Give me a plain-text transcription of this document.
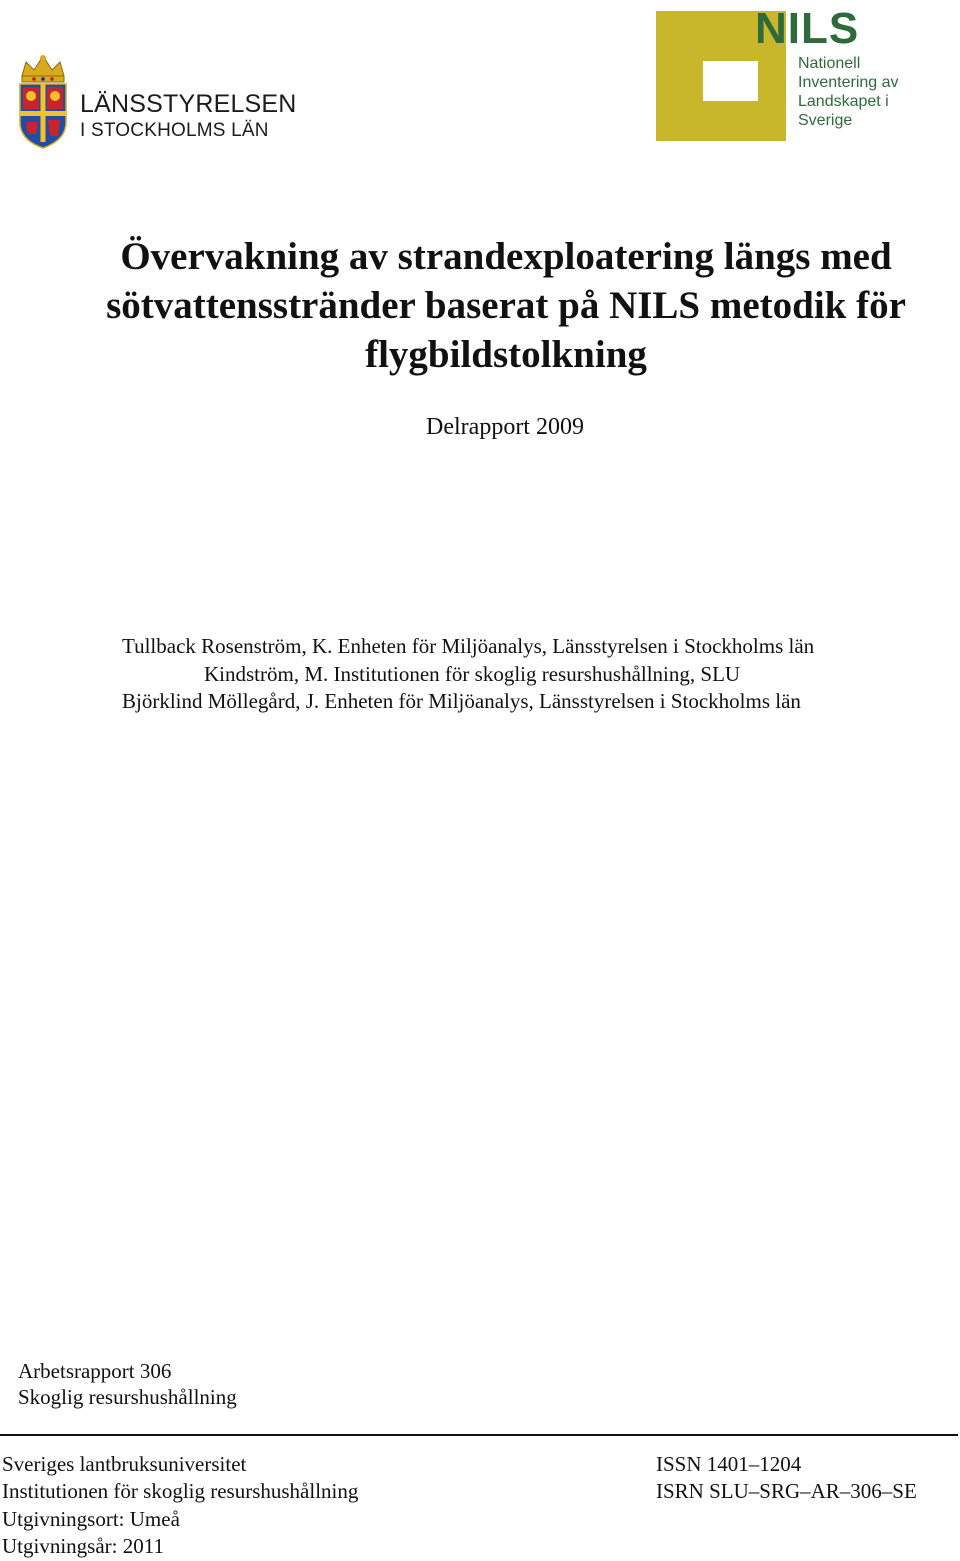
LÄNSSTYRELSEN
I STOCKHOLMS LÄN
NILS
Nationell
Inventering av
Landskapet i
Sverige
Övervakning av strandexploatering längs med
sötvattensstränder baserat på NILS metodik för
flygbildstolkning
Delrapport 2009
Tullback Rosenström, K. Enheten för Miljöanalys, Länsstyrelsen i Stockholms län
Kindström, M. Institutionen för skoglig resurshushållning, SLU
Björklind Möllegård, J. Enheten för Miljöanalys, Länsstyrelsen i Stockholms län
Arbetsrapport 306
Skoglig resurshushållning
Sveriges lantbruksuniversitet
Institutionen för skoglig resurshushållning
Utgivningsort: Umeå
Utgivningsår: 2011
ISSN 1401–1204
ISRN SLU–SRG–AR–306–SE
